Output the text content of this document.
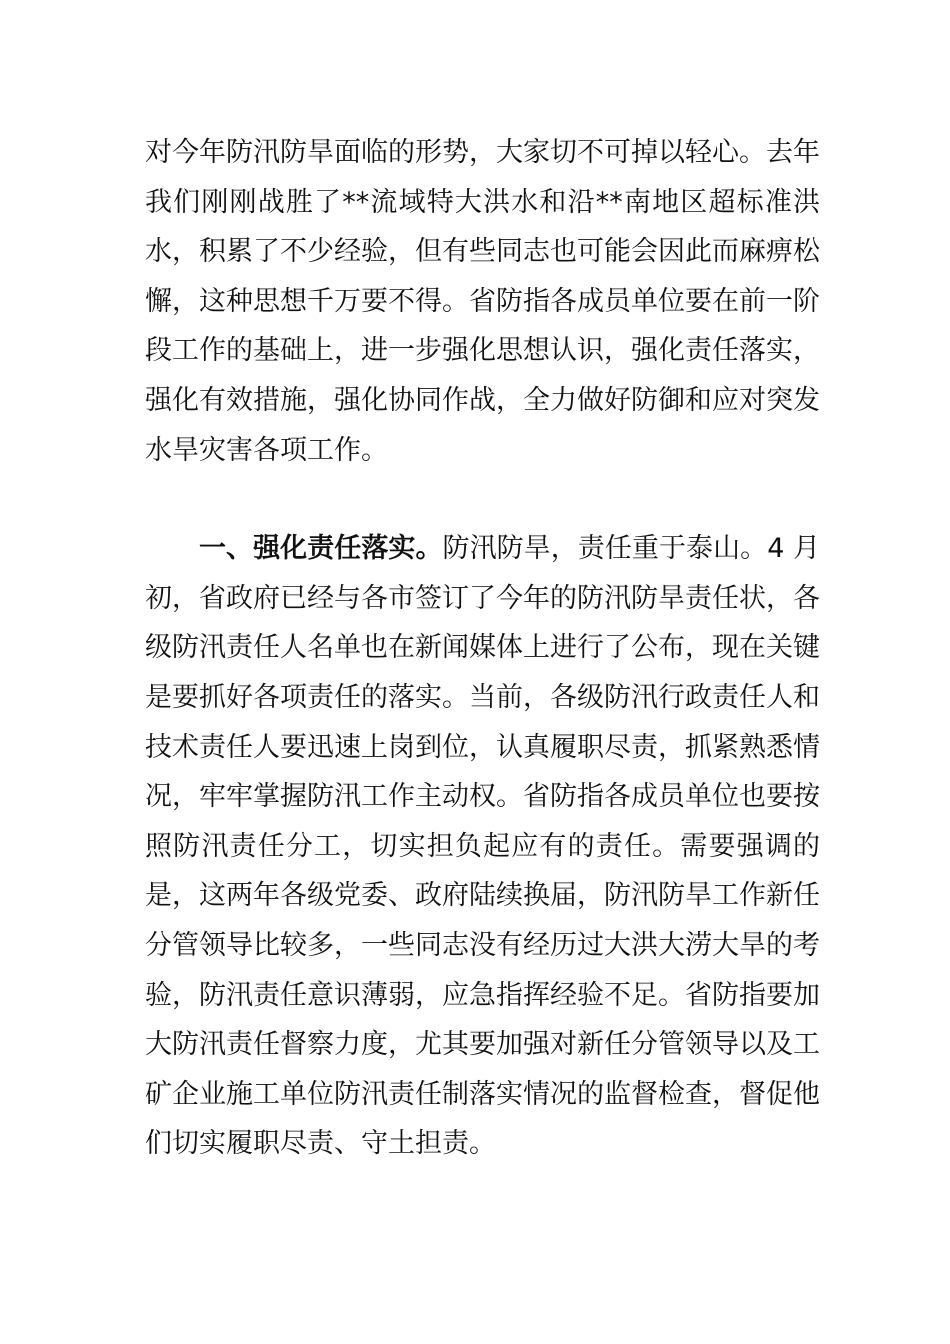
对今年防汛防旱面临的形势，大家切不可掉以轻心。去年我们刚刚战胜了**流域特大洪水和沿**南地区超标准洪水，积累了不少经验，但有些同志也可能会因此而麻痹松懈，这种思想千万要不得。省防指各成员单位要在前一阶段工作的基础上，进一步强化思想认识，强化责任落实，强化有效措施，强化协同作战，全力做好防御和应对突发水旱灾害各项工作。

一、强化责任落实。防汛防旱，责任重于泰山。4 月初，省政府已经与各市签订了今年的防汛防旱责任状，各级防汛责任人名单也在新闻媒体上进行了公布，现在关键是要抓好各项责任的落实。当前，各级防汛行政责任人和技术责任人要迅速上岗到位，认真履职尽责，抓紧熟悉情况，牢牢掌握防汛工作主动权。省防指各成员单位也要按照防汛责任分工，切实担负起应有的责任。需要强调的是，这两年各级党委、政府陆续换届，防汛防旱工作新任分管领导比较多，一些同志没有经历过大洪大涝大旱的考验，防汛责任意识薄弱，应急指挥经验不足。省防指要加大防汛责任督察力度，尤其要加强对新任分管领导以及工矿企业施工单位防汛责任制落实情况的监督检查，督促他们切实履职尽责、守土担责。
